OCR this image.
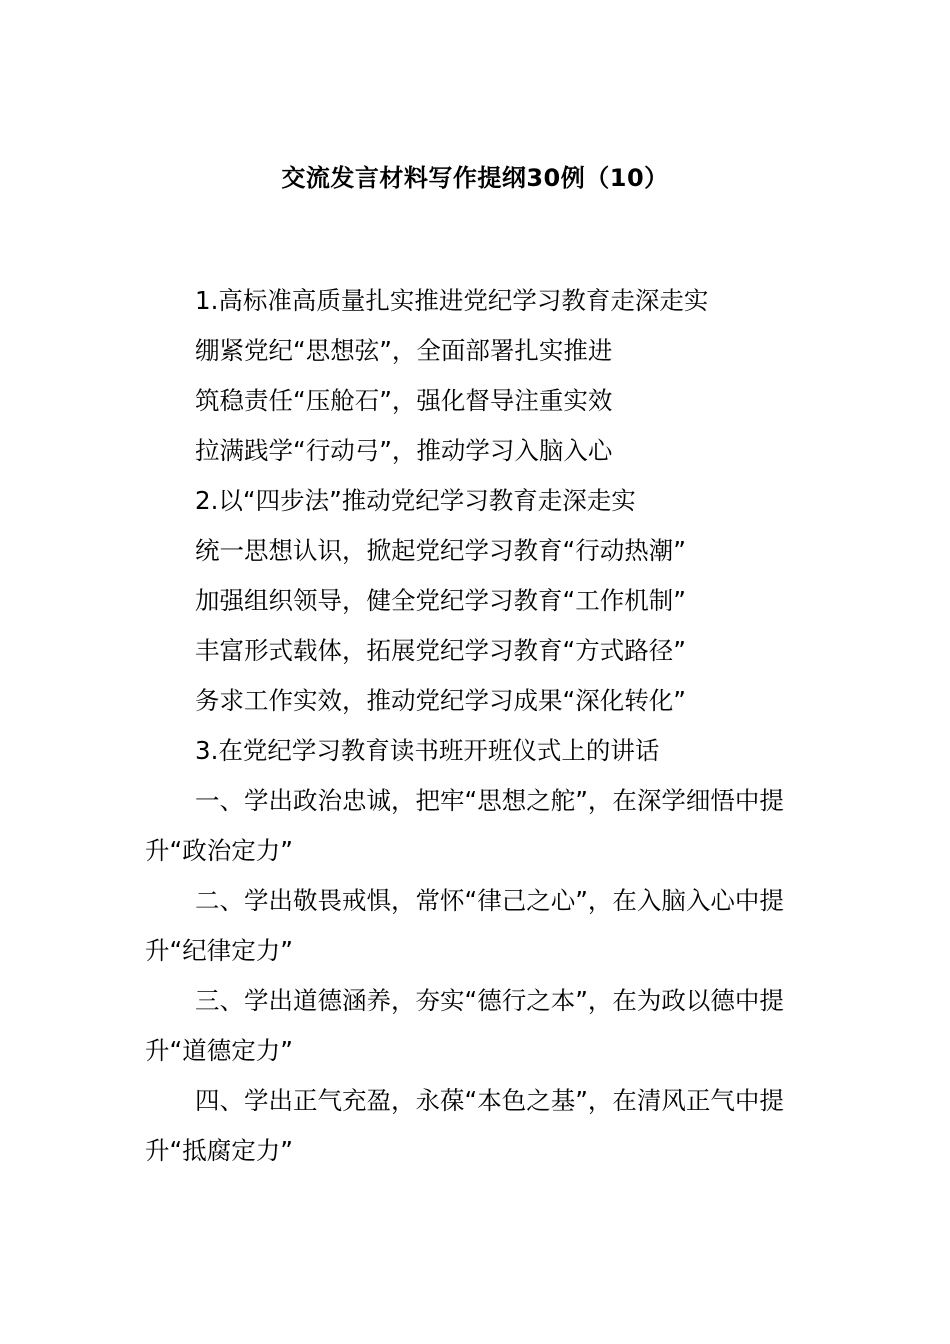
交流发言材料写作提纲30例（10）

1.高标准高质量扎实推进党纪学习教育走深走实

绷紧党纪“思想弦”，全面部署扎实推进

筑稳责任“压舱石”，强化督导注重实效

拉满践学“行动弓”，推动学习入脑入心

2.以“四步法”推动党纪学习教育走深走实

统一思想认识，掀起党纪学习教育“行动热潮”

加强组织领导，健全党纪学习教育“工作机制”

丰富形式载体，拓展党纪学习教育“方式路径”

务求工作实效，推动党纪学习成果“深化转化”

3.在党纪学习教育读书班开班仪式上的讲话

一、学出政治忠诚，把牢“思想之舵”，在深学细悟中提升“政治定力”

二、学出敬畏戒惧，常怀“律己之心”，在入脑入心中提升“纪律定力”

三、学出道德涵养，夯实“德行之本”，在为政以德中提升“道德定力”

四、学出正气充盈，永葆“本色之基”，在清风正气中提升“抵腐定力”
